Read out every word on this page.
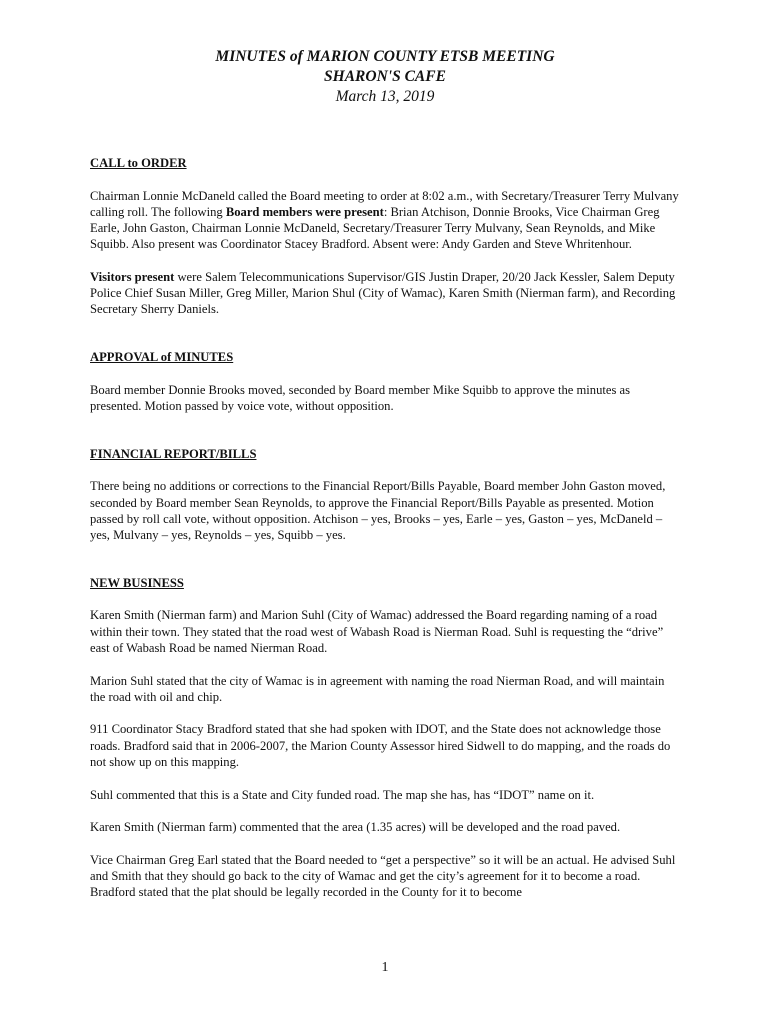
MINUTES of MARION COUNTY ETSB MEETING
SHARON'S CAFE
March 13, 2019
CALL to ORDER

Chairman Lonnie McDaneld called the Board meeting to order at 8:02 a.m., with Secretary/Treasurer Terry Mulvany calling roll. The following Board members were present: Brian Atchison, Donnie Brooks, Vice Chairman Greg Earle, John Gaston, Chairman Lonnie McDaneld, Secretary/Treasurer Terry Mulvany, Sean Reynolds, and Mike Squibb. Also present was Coordinator Stacey Bradford. Absent were: Andy Garden and Steve Whritenhour.

Visitors present were Salem Telecommunications Supervisor/GIS Justin Draper, 20/20 Jack Kessler, Salem Deputy Police Chief Susan Miller, Greg Miller, Marion Shul (City of Wamac), Karen Smith (Nierman farm), and Recording Secretary Sherry Daniels.

APPROVAL of MINUTES

Board member Donnie Brooks moved, seconded by Board member Mike Squibb to approve the minutes as presented. Motion passed by voice vote, without opposition.

FINANCIAL REPORT/BILLS

There being no additions or corrections to the Financial Report/Bills Payable, Board member John Gaston moved, seconded by Board member Sean Reynolds, to approve the Financial Report/Bills Payable as presented. Motion passed by roll call vote, without opposition. Atchison – yes, Brooks – yes, Earle – yes, Gaston – yes, McDaneld – yes, Mulvany – yes, Reynolds – yes, Squibb – yes.

NEW BUSINESS

Karen Smith (Nierman farm) and Marion Suhl (City of Wamac) addressed the Board regarding naming of a road within their town. They stated that the road west of Wabash Road is Nierman Road. Suhl is requesting the “drive” east of Wabash Road be named Nierman Road.

Marion Suhl stated that the city of Wamac is in agreement with naming the road Nierman Road, and will maintain the road with oil and chip.

911 Coordinator Stacy Bradford stated that she had spoken with IDOT, and the State does not acknowledge those roads. Bradford said that in 2006-2007, the Marion County Assessor hired Sidwell to do mapping, and the roads do not show up on this mapping.

Suhl commented that this is a State and City funded road. The map she has, has “IDOT” name on it.

Karen Smith (Nierman farm) commented that the area (1.35 acres) will be developed and the road paved.

Vice Chairman Greg Earl stated that the Board needed to “get a perspective” so it will be an actual. He advised Suhl and Smith that they should go back to the city of Wamac and get the city’s agreement for it to become a road. Bradford stated that the plat should be legally recorded in the County for it to become

1
